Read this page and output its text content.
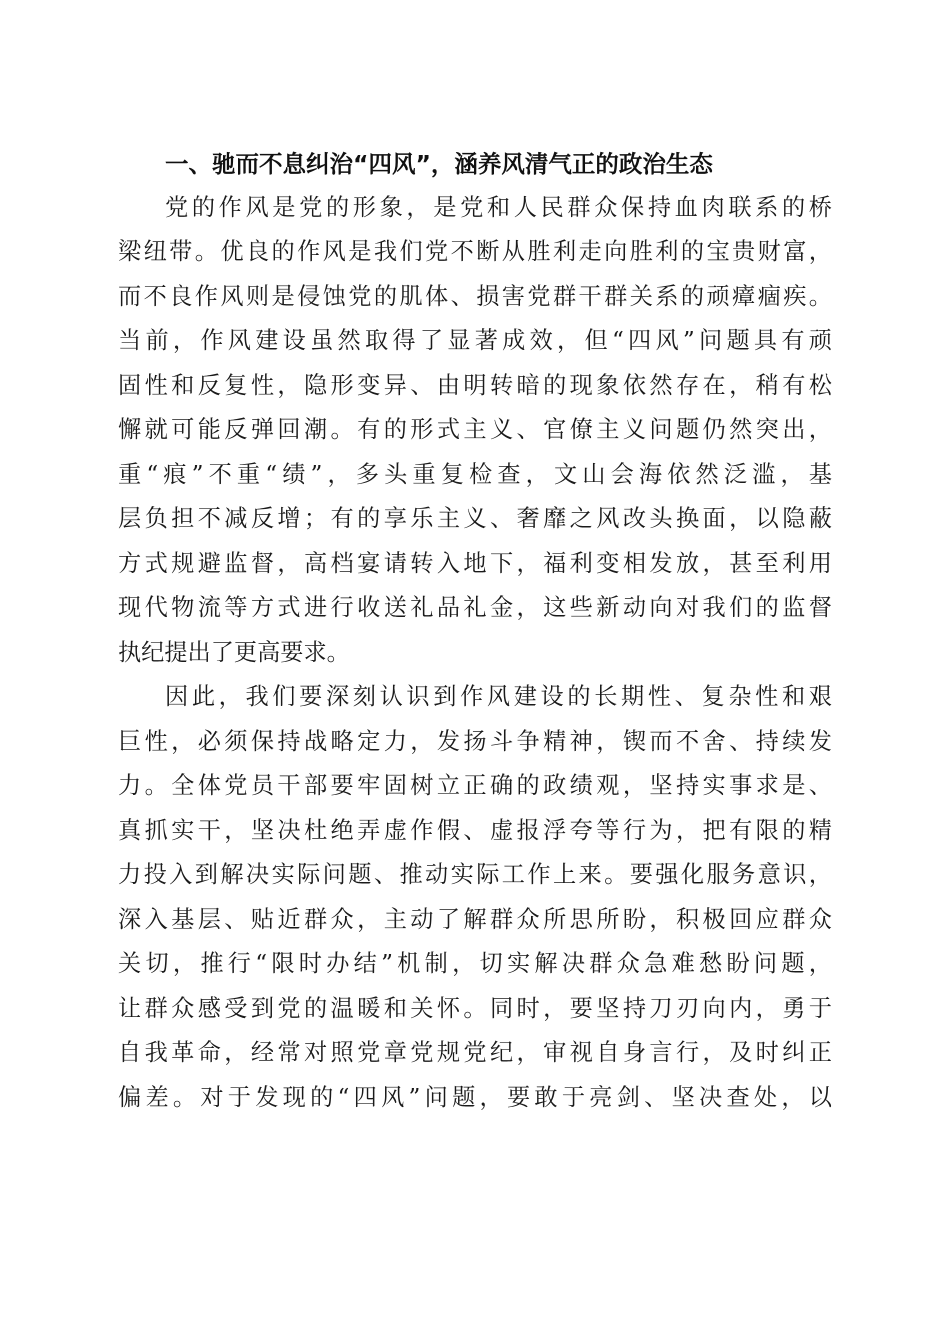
一、驰而不息纠治“四风”，涵养风清气正的政治生态
党的作风是党的形象，是党和人民群众保持血肉联系的桥
梁纽带。优良的作风是我们党不断从胜利走向胜利的宝贵财富，
而不良作风则是侵蚀党的肌体、损害党群干群关系的顽瘴痼疾。
当前，作风建设虽然取得了显著成效，但“四风”问题具有顽
固性和反复性，隐形变异、由明转暗的现象依然存在，稍有松
懈就可能反弹回潮。有的形式主义、官僚主义问题仍然突出，
重“痕”不重“绩”，多头重复检查，文山会海依然泛滥，基
层负担不减反增；有的享乐主义、奢靡之风改头换面，以隐蔽
方式规避监督，高档宴请转入地下，福利变相发放，甚至利用
现代物流等方式进行收送礼品礼金，这些新动向对我们的监督
执纪提出了更高要求。
因此，我们要深刻认识到作风建设的长期性、复杂性和艰
巨性，必须保持战略定力，发扬斗争精神，锲而不舍、持续发
力。全体党员干部要牢固树立正确的政绩观，坚持实事求是、
真抓实干，坚决杜绝弄虚作假、虚报浮夸等行为，把有限的精
力投入到解决实际问题、推动实际工作上来。要强化服务意识，
深入基层、贴近群众，主动了解群众所思所盼，积极回应群众
关切，推行“限时办结”机制，切实解决群众急难愁盼问题，
让群众感受到党的温暖和关怀。同时，要坚持刀刃向内，勇于
自我革命，经常对照党章党规党纪，审视自身言行，及时纠正
偏差。对于发现的“四风”问题，要敢于亮剑、坚决查处，以
